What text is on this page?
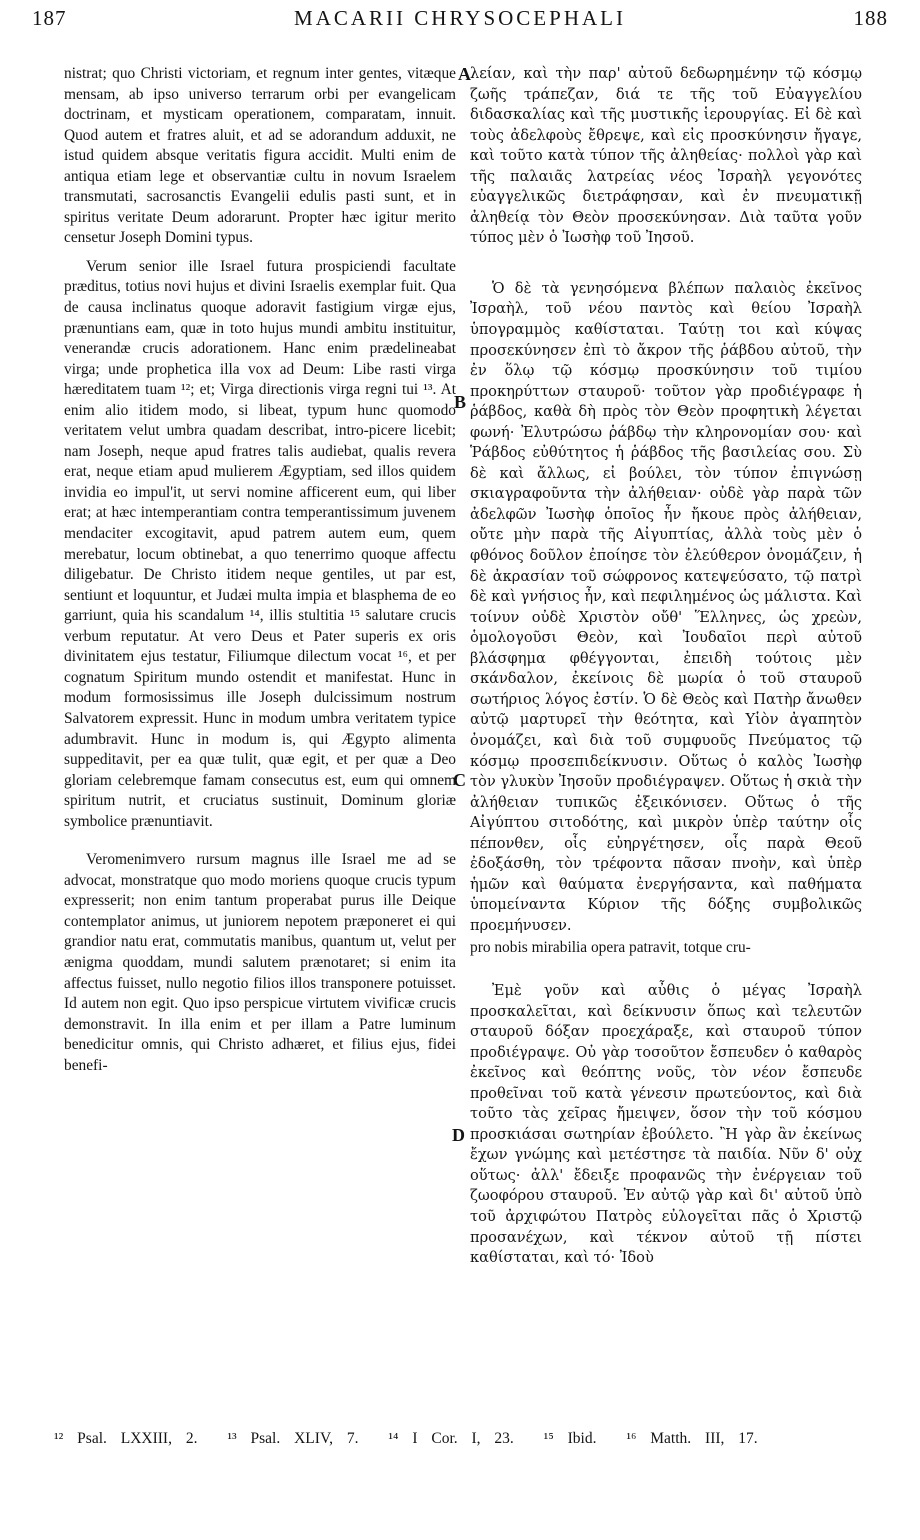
187	MACARII CHRYSOCEPHALI	188

nistrat; quo Christi victoriam, et regnum inter gentes, vitæque mensam, ab ipso universo terrarum orbi per evangelicam doctrinam, et mysticam operationem, comparatam, innuit. Quod autem et fratres aluit, et ad se adorandum adduxit, ne istud quidem absque veritatis figura accidit. Multi enim de antiqua etiam lege et observantiæ cultu in novum Israelem transmutati, sacrosanctis Evangelii edulis pasti sunt, et in spiritus veritate Deum adorarunt. Propter hæc igitur merito censetur Joseph Domini typus.

Verum senior ille Israel futura prospiciendi facultate præditus, totius novi hujus et divini Israelis exemplar fuit. Qua de causa inclinatus quoque adoravit fastigium virgæ ejus, prænuntians eam, quæ in toto hujus mundi ambitu instituitur, venerandæ crucis adorationem. Hanc enim prædelineabat virga; unde prophetica illa vox ad Deum: Libe rasti virga hæreditatem tuam ¹²; et; Virga directionis virga regni tui ¹³. At enim alio itidem modo, si libeat, typum hunc quomodo veritatem velut umbra quadam describat, intro-picere licebit; nam Joseph, neque apud fratres talis audiebat, qualis revera erat, neque etiam apud mulierem Ægyptiam, sed illos quidem invidia eo impul'it, ut servi nomine afficerent eum, qui liber erat; at hæc intemperantiam contra temperantissimum juvenem mendaciter excogitavit, apud patrem autem eum, quem merebatur, locum obtinebat, a quo tenerrimo quoque affectu diligebatur. De Christo itidem neque gentiles, ut par est, sentiunt et loquuntur, et Judæi multa impia et blasphema de eo garriunt, quia his scandalum ¹⁴, illis stultitia ¹⁵ salutare crucis verbum reputatur. At vero Deus et Pater superis ex oris divinitatem ejus testatur, Filiumque dilectum vocat ¹⁶, et per cognatum Spiritum mundo ostendit et manifestat. Hunc in modum formosissimus ille Joseph dulcissimum nostrum Salvatorem expressit. Hunc in modum umbra veritatem typice adumbravit. Hunc in modum is, qui Ægypto alimenta suppeditavit, per ea quæ tulit, quæ egit, et per quæ a Deo gloriam celebremque famam consecutus est, eum qui omnem spiritum nutrit, et cruciatus sustinuit, Dominum gloriæ symbolice prænuntiavit.

Veromenimvero rursum magnus ille Israel me ad se advocat, monstratque quo modo moriens quoque crucis typum expresserit; non enim tantum properabat purus ille Deique contemplator animus, ut juniorem nepotem præponeret ei qui grandior natu erat, commutatis manibus, quantum ut, velut per ænigma quoddam, mundi salutem prænotaret; si enim ita affectus fuisset, nullo negotio filios illos transponere potuisset. Id autem non egit. Quo ipso perspicue virtutem vivificæ crucis demonstravit. In illa enim et per illam a Patre luminum benedicitur omnis, qui Christo adhæret, et filius ejus, fidei benefi-

λείαν, καὶ τὴν παρ' αὐτοῦ δεδωρημένην τῷ κόσμῳ ζωῆς τράπεζαν, διά τε τῆς τοῦ Εὐαγγελίου διδασκαλίας καὶ τῆς μυστικῆς ἱερουργίας. Εἰ δὲ καὶ τοὺς ἀδελφοὺς ἔθρεψε, καὶ εἰς προσκύνησιν ἤγαγε, καὶ τοῦτο κατὰ τύπον τῆς ἀληθείας· πολλοὶ γὰρ καὶ τῆς παλαιᾶς λατρείας νέος Ἰσραὴλ γεγονότες εὐαγγελικῶς διετράφησαν, καὶ ἐν πνευματικῇ ἀληθείᾳ τὸν Θεὸν προσεκύνησαν. Διὰ ταῦτα γοῦν τύπος μὲν ὁ Ἰωσὴφ τοῦ Ἰησοῦ.

Ὁ δὲ τὰ γενησόμενα βλέπων παλαιὸς ἐκεῖνος Ἰσραὴλ, τοῦ νέου παντὸς καὶ θείου Ἰσραὴλ ὑπογραμμὸς καθίσταται. Ταύτῃ τοι καὶ κύψας προσεκύνησεν ἐπὶ τὸ ἄκρον τῆς ῥάβδου αὐτοῦ, τὴν ἐν ὅλῳ τῷ κόσμῳ προσκύνησιν τοῦ τιμίου προκηρύττων σταυροῦ· τοῦτον γὰρ προδιέγραφε ἡ ῥάβδος, καθὰ δὴ πρὸς τὸν Θεὸν προφητικὴ λέγεται φωνή· Ἐλυτρώσω ῥάβδῳ τὴν κληρονομίαν σου· καὶ Ῥάβδος εὐθύτητος ἡ ῥάβδος τῆς βασιλείας σου. Σὺ δὲ καὶ ἄλλως, εἰ βούλει, τὸν τύπον ἐπιγνώσῃ σκιαγραφοῦντα τὴν ἀλήθειαν· οὐδὲ γὰρ παρὰ τῶν ἀδελφῶν Ἰωσὴφ ὁποῖος ἦν ἤκουε πρὸς ἀλήθειαν, οὔτε μὴν παρὰ τῆς Αἰγυπτίας, ἀλλὰ τοὺς μὲν ὁ φθόνος δοῦλον ἐποίησε τὸν ἐλεύθερον ὀνομάζειν, ἡ δὲ ἀκρασίαν τοῦ σώφρονος κατεψεύσατο, τῷ πατρὶ δὲ καὶ γνήσιος ἦν, καὶ πεφιλημένος ὡς μάλιστα. Καὶ τοίνυν οὐδὲ Χριστὸν οὔθ' Ἕλληνες, ὡς χρεὼν, ὁμολογοῦσι Θεὸν, καὶ Ἰουδαῖοι περὶ αὐτοῦ βλάσφημα φθέγγονται, ἐπειδὴ τούτοις μὲν σκάνδαλον, ἐκείνοις δὲ μωρία ὁ τοῦ σταυροῦ σωτήριος λόγος ἐστίν. Ὁ δὲ Θεὸς καὶ Πατὴρ ἄνωθεν αὐτῷ μαρτυρεῖ τὴν θεότητα, καὶ Υἱὸν ἀγαπητὸν ὀνομάζει, καὶ διὰ τοῦ συμφυοῦς Πνεύματος τῷ κόσμῳ προσεπιδείκνυσιν. Οὕτως ὁ καλὸς Ἰωσὴφ τὸν γλυκὺν Ἰησοῦν προδιέγραψεν. Οὕτως ἡ σκιὰ τὴν ἀλήθειαν τυπικῶς ἐξεικόνισεν. Οὕτως ὁ τῆς Αἰγύπτου σιτοδότης, καὶ μικρὸν ὑπὲρ ταύτην οἷς πέπονθεν, οἷς εὐηργέτησεν, οἷς παρὰ Θεοῦ ἐδοξάσθη, τὸν τρέφοντα πᾶσαν πνοὴν, καὶ ὑπὲρ ἡμῶν καὶ θαύματα ἐνεργήσαντα, καὶ παθήματα ὑπομείναντα Κύριον τῆς δόξης συμβολικῶς προεμήνυσεν.

pro nobis mirabilia opera patravit, totque cru-

Ἐμὲ γοῦν καὶ αὖθις ὁ μέγας Ἰσραὴλ προσκαλεῖται, καὶ δείκνυσιν ὅπως καὶ τελευτῶν σταυροῦ δόξαν προεχάραξε, καὶ σταυροῦ τύπον προδιέγραψε. Οὐ γὰρ τοσοῦτον ἔσπευδεν ὁ καθαρὸς ἐκεῖνος καὶ θεόπτης νοῦς, τὸν νέον ἔσπευδε προθεῖναι τοῦ κατὰ γένεσιν πρωτεύοντος, καὶ διὰ τοῦτο τὰς χεῖρας ἤμειψεν, ὅσον τὴν τοῦ κόσμου προσκιάσαι σωτηρίαν ἐβούλετο. Ἢ γὰρ ἂν ἐκείνως ἔχων γνώμης καὶ μετέστησε τὰ παιδία. Νῦν δ' οὐχ οὕτως· ἀλλ' ἔδειξε προφανῶς τὴν ἐνέργειαν τοῦ ζωοφόρου σταυροῦ. Ἐν αὐτῷ γὰρ καὶ δι' αὐτοῦ ὑπὸ τοῦ ἀρχιφώτου Πατρὸς εὐλογεῖται πᾶς ὁ Χριστῷ προσανέχων, καὶ τέκνον αὐτοῦ τῇ πίστει καθίσταται, καὶ τό· Ἰδοὺ

A
B
C
D
¹² Psal. LXXIII, 2. ¹³ Psal. XLIV, 7. ¹⁴ I Cor. I, 23. ¹⁵ Ibid. ¹⁶ Matth. III, 17.
